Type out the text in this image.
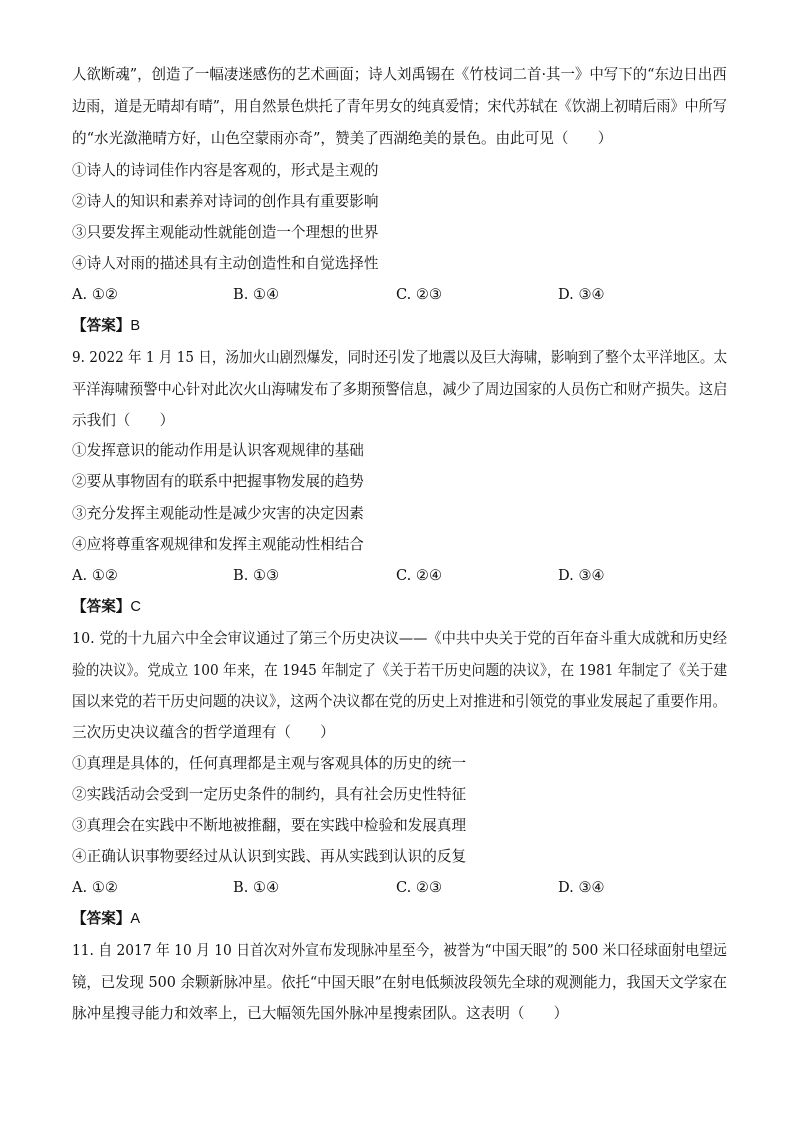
人欲断魂”，创造了一幅凄迷感伤的艺术画面；诗人刘禹锡在《竹枝词二首·其一》中写下的“东边日出西
边雨，道是无晴却有晴”，用自然景色烘托了青年男女的纯真爱情；宋代苏轼在《饮湖上初晴后雨》中所写
的“水光潋滟晴方好，山色空蒙雨亦奇”，赞美了西湖绝美的景色。由此可见（　　）
①诗人的诗词佳作内容是客观的，形式是主观的
②诗人的知识和素养对诗词的创作具有重要影响
③只要发挥主观能动性就能创造一个理想的世界
④诗人对雨的描述具有主动创造性和自觉选择性
A. ①②	B. ①④	C. ②③	D. ③④
【答案】B
9. 2022 年 1 月 15 日，汤加火山剧烈爆发，同时还引发了地震以及巨大海啸，影响到了整个太平洋地区。太
平洋海啸预警中心针对此次火山海啸发布了多期预警信息，减少了周边国家的人员伤亡和财产损失。这启
示我们（　　）
①发挥意识的能动作用是认识客观规律的基础
②要从事物固有的联系中把握事物发展的趋势
③充分发挥主观能动性是减少灾害的决定因素
④应将尊重客观规律和发挥主观能动性相结合
A. ①②	B. ①③	C. ②④	D. ③④
【答案】C
10. 党的十九届六中全会审议通过了第三个历史决议——《中共中央关于党的百年奋斗重大成就和历史经
验的决议》。党成立 100 年来，在 1945 年制定了《关于若干历史问题的决议》，在 1981 年制定了《关于建
国以来党的若干历史问题的决议》，这两个决议都在党的历史上对推进和引领党的事业发展起了重要作用。
三次历史决议蕴含的哲学道理有（　　）
①真理是具体的，任何真理都是主观与客观具体的历史的统一
②实践活动会受到一定历史条件的制约，具有社会历史性特征
③真理会在实践中不断地被推翻，要在实践中检验和发展真理
④正确认识事物要经过从认识到实践、再从实践到认识的反复
A. ①②	B. ①④	C. ②③	D. ③④
【答案】A
11. 自 2017 年 10 月 10 日首次对外宣布发现脉冲星至今，被誉为“中国天眼”的 500 米口径球面射电望远
镜，已发现 500 余颗新脉冲星。依托“中国天眼”在射电低频波段领先全球的观测能力，我国天文学家在
脉冲星搜寻能力和效率上，已大幅领先国外脉冲星搜索团队。这表明（　　）
